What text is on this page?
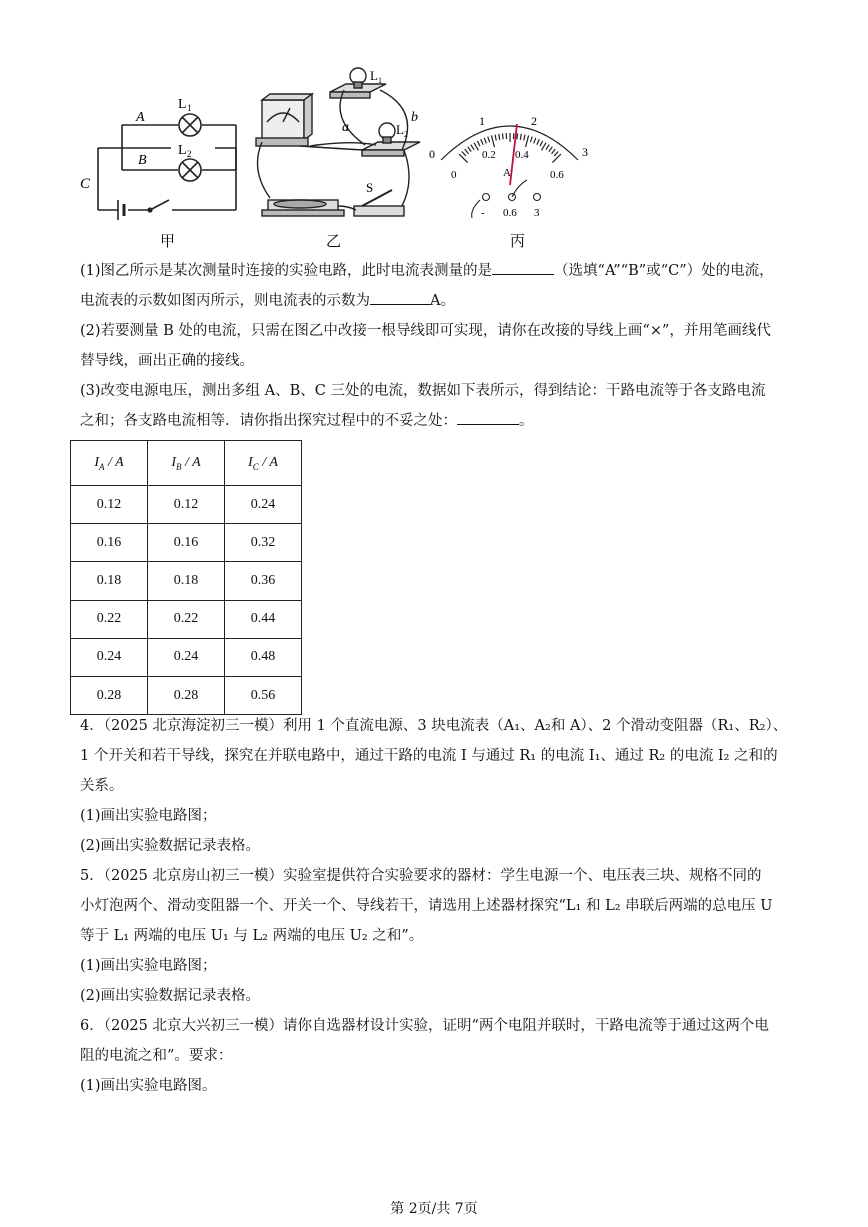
A
B
C
L 1
L 2
甲
L 1
L 2
a
b
S
乙
0
1	2
3
0
0.2 0.4
0.6
A
- 0.6 3
丙

(1)图乙所示是某次测量时连接的实验电路，此时电流表测量的是	（选填“A”“B”或“C”）处的电流，

电流表的示数如图丙所示，则电流表的示数为	A。

(2)若要测量 B 处的电流，只需在图乙中改接一根导线即可实现，请你在改接的导线上画“×”，并用笔画线代

替导线，画出正确的接线。

(3)改变电源电压，测出多组 A、B、C 三处的电流，数据如下表所示，得到结论：干路电流等于各支路电流

之和；各支路电流相等．请你指出探究过程中的不妥之处：	。

$I_A$ / A	$I_B$ / A	$I_C$ / A
0.12	0.12	0.24
0.16	0.16	0.32
0.18	0.18	0.36
0.22	0.22	0.44
0.24	0.24	0.48
0.28	0.28	0.56

4．（2025 北京海淀初三一模）利用 1 个直流电源、3 块电流表（A₁、A₂和 A）、2 个滑动变阻器（R₁、R₂）、

1 个开关和若干导线，探究在并联电路中，通过干路的电流 I 与通过 R₁ 的电流 I₁、通过 R₂ 的电流 I₂ 之和的

关系。

(1)画出实验电路图；

(2)画出实验数据记录表格。

5．（2025 北京房山初三一模）实验室提供符合实验要求的器材：学生电源一个、电压表三块、规格不同的

小灯泡两个、滑动变阻器一个、开关一个、导线若干，请选用上述器材探究“L₁ 和 L₂ 串联后两端的总电压 U

等于 L₁ 两端的电压 U₁ 与 L₂ 两端的电压 U₂ 之和”。

(1)画出实验电路图；

(2)画出实验数据记录表格。

6．（2025 北京大兴初三一模）请你自选器材设计实验，证明“两个电阻并联时，干路电流等于通过这两个电

阻的电流之和”。要求：

(1)画出实验电路图。

第 2页/共 7页
